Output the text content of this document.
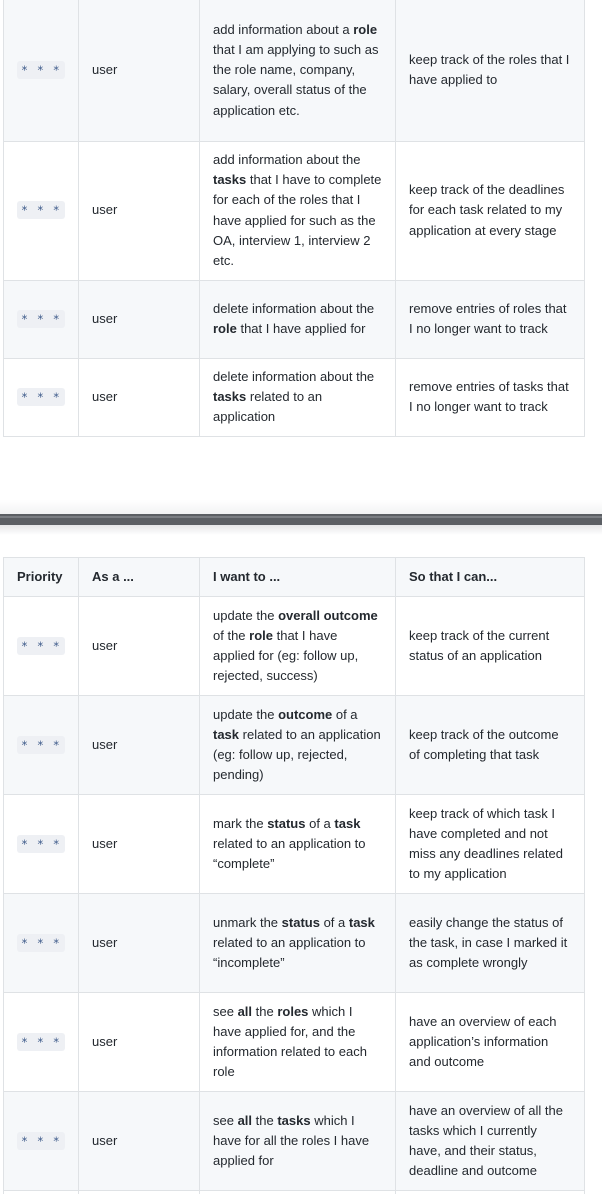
* * *	user	add information about a role that I am applying to such as the role name, company, salary, overall status of the application etc.	keep track of the roles that I have applied to
* * *	user	add information about the tasks that I have to complete for each of the roles that I have applied for such as the OA, interview 1, interview 2 etc.	keep track of the deadlines for each task related to my application at every stage
* * *	user	delete information about the role that I have applied for	remove entries of roles that I no longer want to track
* * *	user	delete information about the tasks related to an application	remove entries of tasks that I no longer want to track
Priority	As a ...	I want to ...	So that I can...
* * *	user	update the overall outcome of the role that I have applied for (eg: follow up, rejected, success)	keep track of the current status of an application
* * *	user	update the outcome of a task related to an application (eg: follow up, rejected, pending)	keep track of the outcome of completing that task
* * *	user	mark the status of a task related to an application to “complete”	keep track of which task I have completed and not miss any deadlines related to my application
* * *	user	unmark the status of a task related to an application to “incomplete”	easily change the status of the task, in case I marked it as complete wrongly
* * *	user	see all the roles which I have applied for, and the information related to each role	have an overview of each application’s information and outcome
* * *	user	see all the tasks which I have for all the roles I have applied for	have an overview of all the tasks which I currently have, and their status, deadline and outcome
